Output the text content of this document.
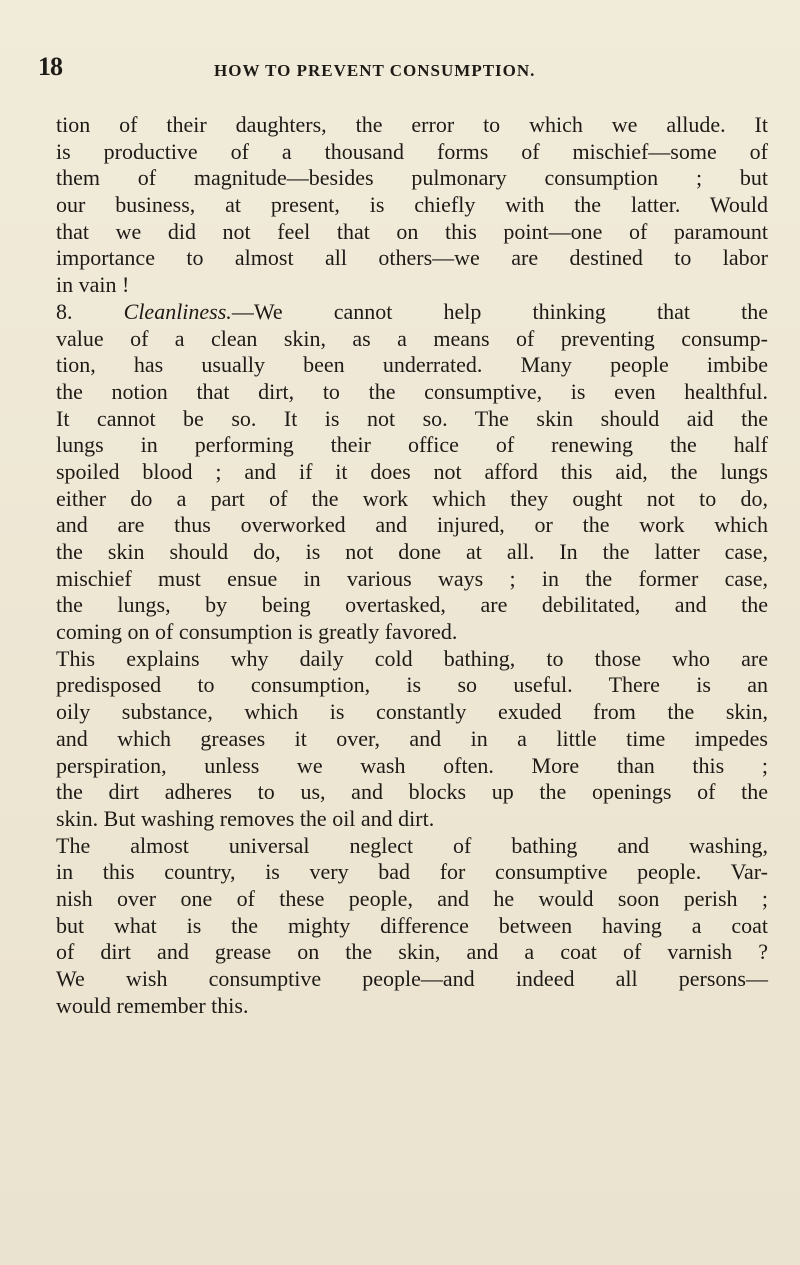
18	HOW TO PREVENT CONSUMPTION.
tion of their daughters, the error to which we allude. It
is productive of a thousand forms of mischief—some of
them of magnitude—besides pulmonary consumption ; but
our business, at present, is chiefly with the latter. Would
that we did not feel that on this point—one of paramount
importance to almost all others—we are destined to labor
in vain !
8. Cleanliness.—We cannot help thinking that the
value of a clean skin, as a means of preventing consump-
tion, has usually been underrated. Many people imbibe
the notion that dirt, to the consumptive, is even healthful.
It cannot be so. It is not so. The skin should aid the
lungs in performing their office of renewing the half
spoiled blood ; and if it does not afford this aid, the lungs
either do a part of the work which they ought not to do,
and are thus overworked and injured, or the work which
the skin should do, is not done at all. In the latter case,
mischief must ensue in various ways ; in the former case,
the lungs, by being overtasked, are debilitated, and the
coming on of consumption is greatly favored.
This explains why daily cold bathing, to those who are
predisposed to consumption, is so useful. There is an
oily substance, which is constantly exuded from the skin,
and which greases it over, and in a little time impedes
perspiration, unless we wash often. More than this ;
the dirt adheres to us, and blocks up the openings of the
skin. But washing removes the oil and dirt.
The almost universal neglect of bathing and washing,
in this country, is very bad for consumptive people. Var-
nish over one of these people, and he would soon perish ;
but what is the mighty difference between having a coat
of dirt and grease on the skin, and a coat of varnish ?
We wish consumptive people—and indeed all persons—
would remember this.
